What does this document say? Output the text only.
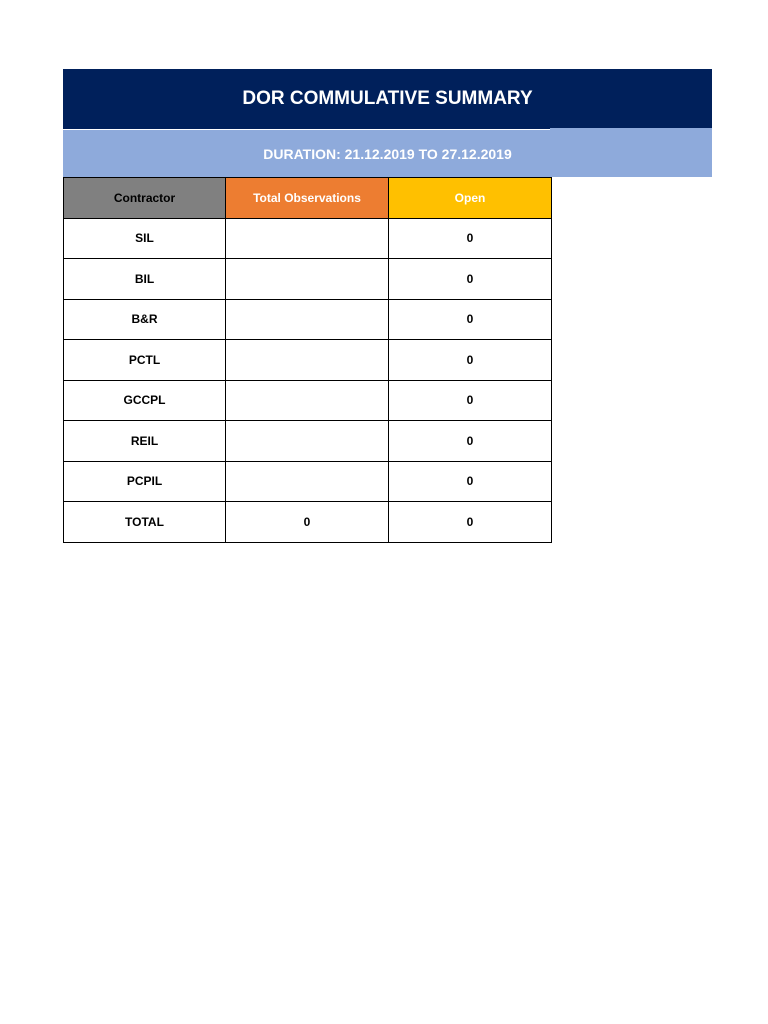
DOR COMMULATIVE SUMMARY
DURATION: 21.12.2019 TO 27.12.2019
Contractor	Total Observations	Open
SIL		0
BIL		0
B&R		0
PCTL		0
GCCPL		0
REIL		0
PCPIL		0
TOTAL	0	0
